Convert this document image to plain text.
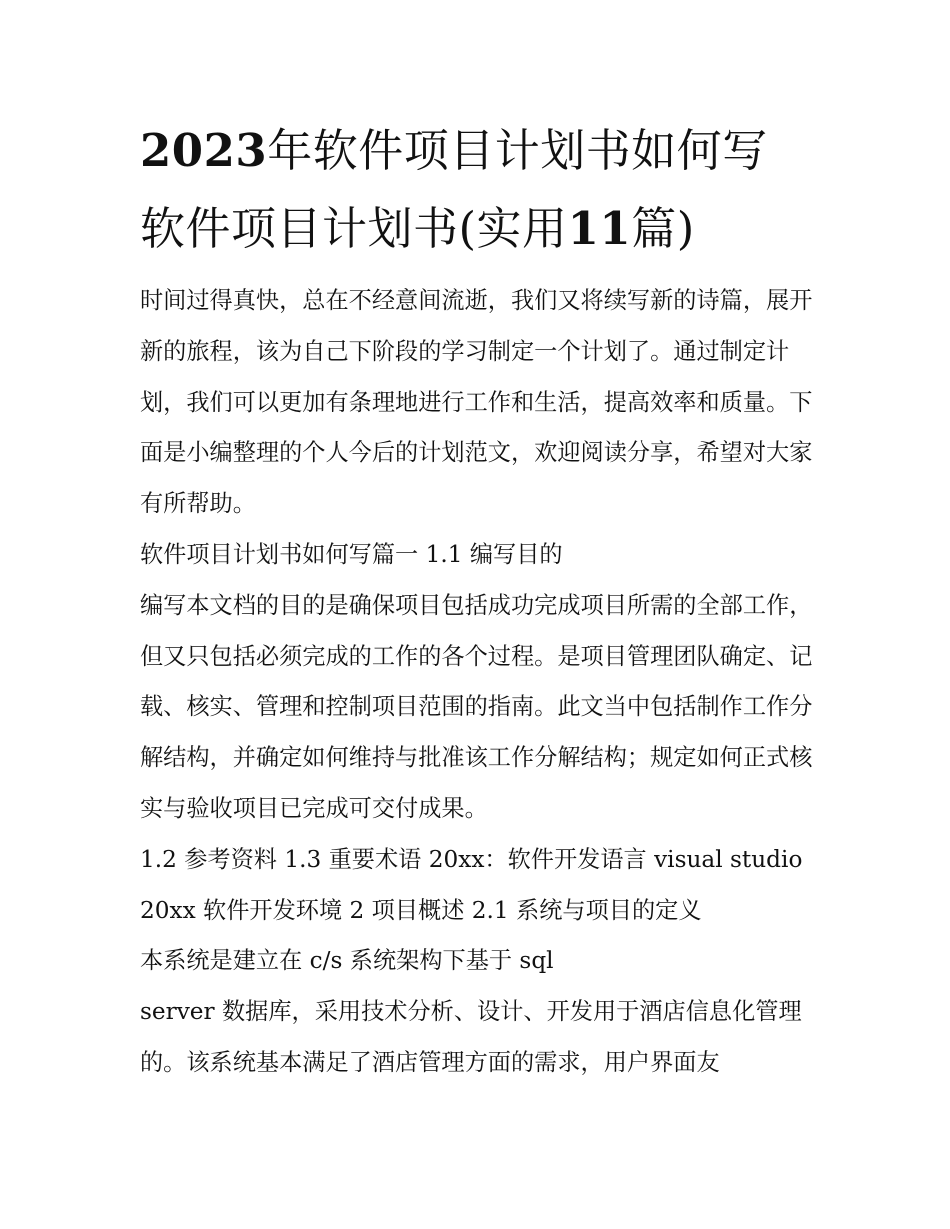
2023年软件项目计划书如何写
软件项目计划书(实用11篇)

时间过得真快，总在不经意间流逝，我们又将续写新的诗篇，展开新的旅程，该为自己下阶段的学习制定一个计划了。通过制定计划，我们可以更加有条理地进行工作和生活，提高效率和质量。下面是小编整理的个人今后的计划范文，欢迎阅读分享，希望对大家有所帮助。

软件项目计划书如何写篇一 1.1 编写目的

编写本文档的目的是确保项目包括成功完成项目所需的全部工作，但又只包括必须完成的工作的各个过程。是项目管理团队确定、记载、核实、管理和控制项目范围的指南。此文当中包括制作工作分解结构，并确定如何维持与批准该工作分解结构；规定如何正式核实与验收项目已完成可交付成果。

1.2 参考资料 1.3 重要术语 20xx：软件开发语言 visual studio

20xx 软件开发环境 2 项目概述 2.1 系统与项目的定义

本系统是建立在 c/s 系统架构下基于 sql

server 数据库，采用技术分析、设计、开发用于酒店信息化管理的。该系统基本满足了酒店管理方面的需求，用户界面友
